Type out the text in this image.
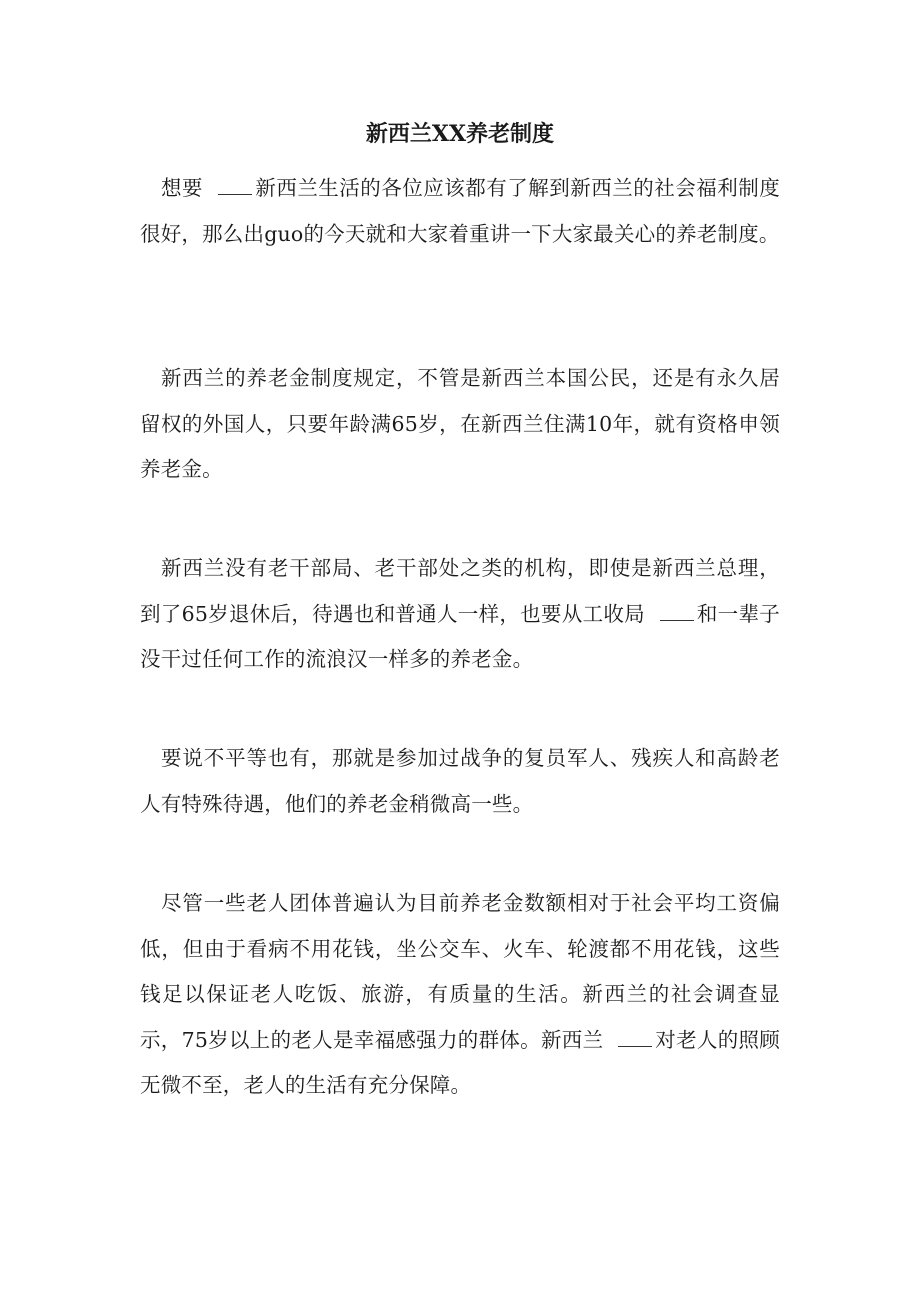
新西兰XX养老制度

想要 新西兰生活的各位应该都有了解到新西兰的社会福利制度很好，那么出guo的今天就和大家着重讲一下大家最关心的养老制度。

新西兰的养老金制度规定，不管是新西兰本国公民，还是有永久居留权的外国人，只要年龄满65岁，在新西兰住满10年，就有资格申领养老金。

新西兰没有老干部局、老干部处之类的机构，即使是新西兰总理，到了65岁退休后，待遇也和普通人一样，也要从工收局 和一辈子没干过任何工作的流浪汉一样多的养老金。

要说不平等也有，那就是参加过战争的复员军人、残疾人和高龄老人有特殊待遇，他们的养老金稍微高一些。

尽管一些老人团体普遍认为目前养老金数额相对于社会平均工资偏低，但由于看病不用花钱，坐公交车、火车、轮渡都不用花钱，这些钱足以保证老人吃饭、旅游，有质量的生活。新西兰的社会调查显示，75岁以上的老人是幸福感强力的群体。新西兰 对老人的照顾无微不至，老人的生活有充分保障。
